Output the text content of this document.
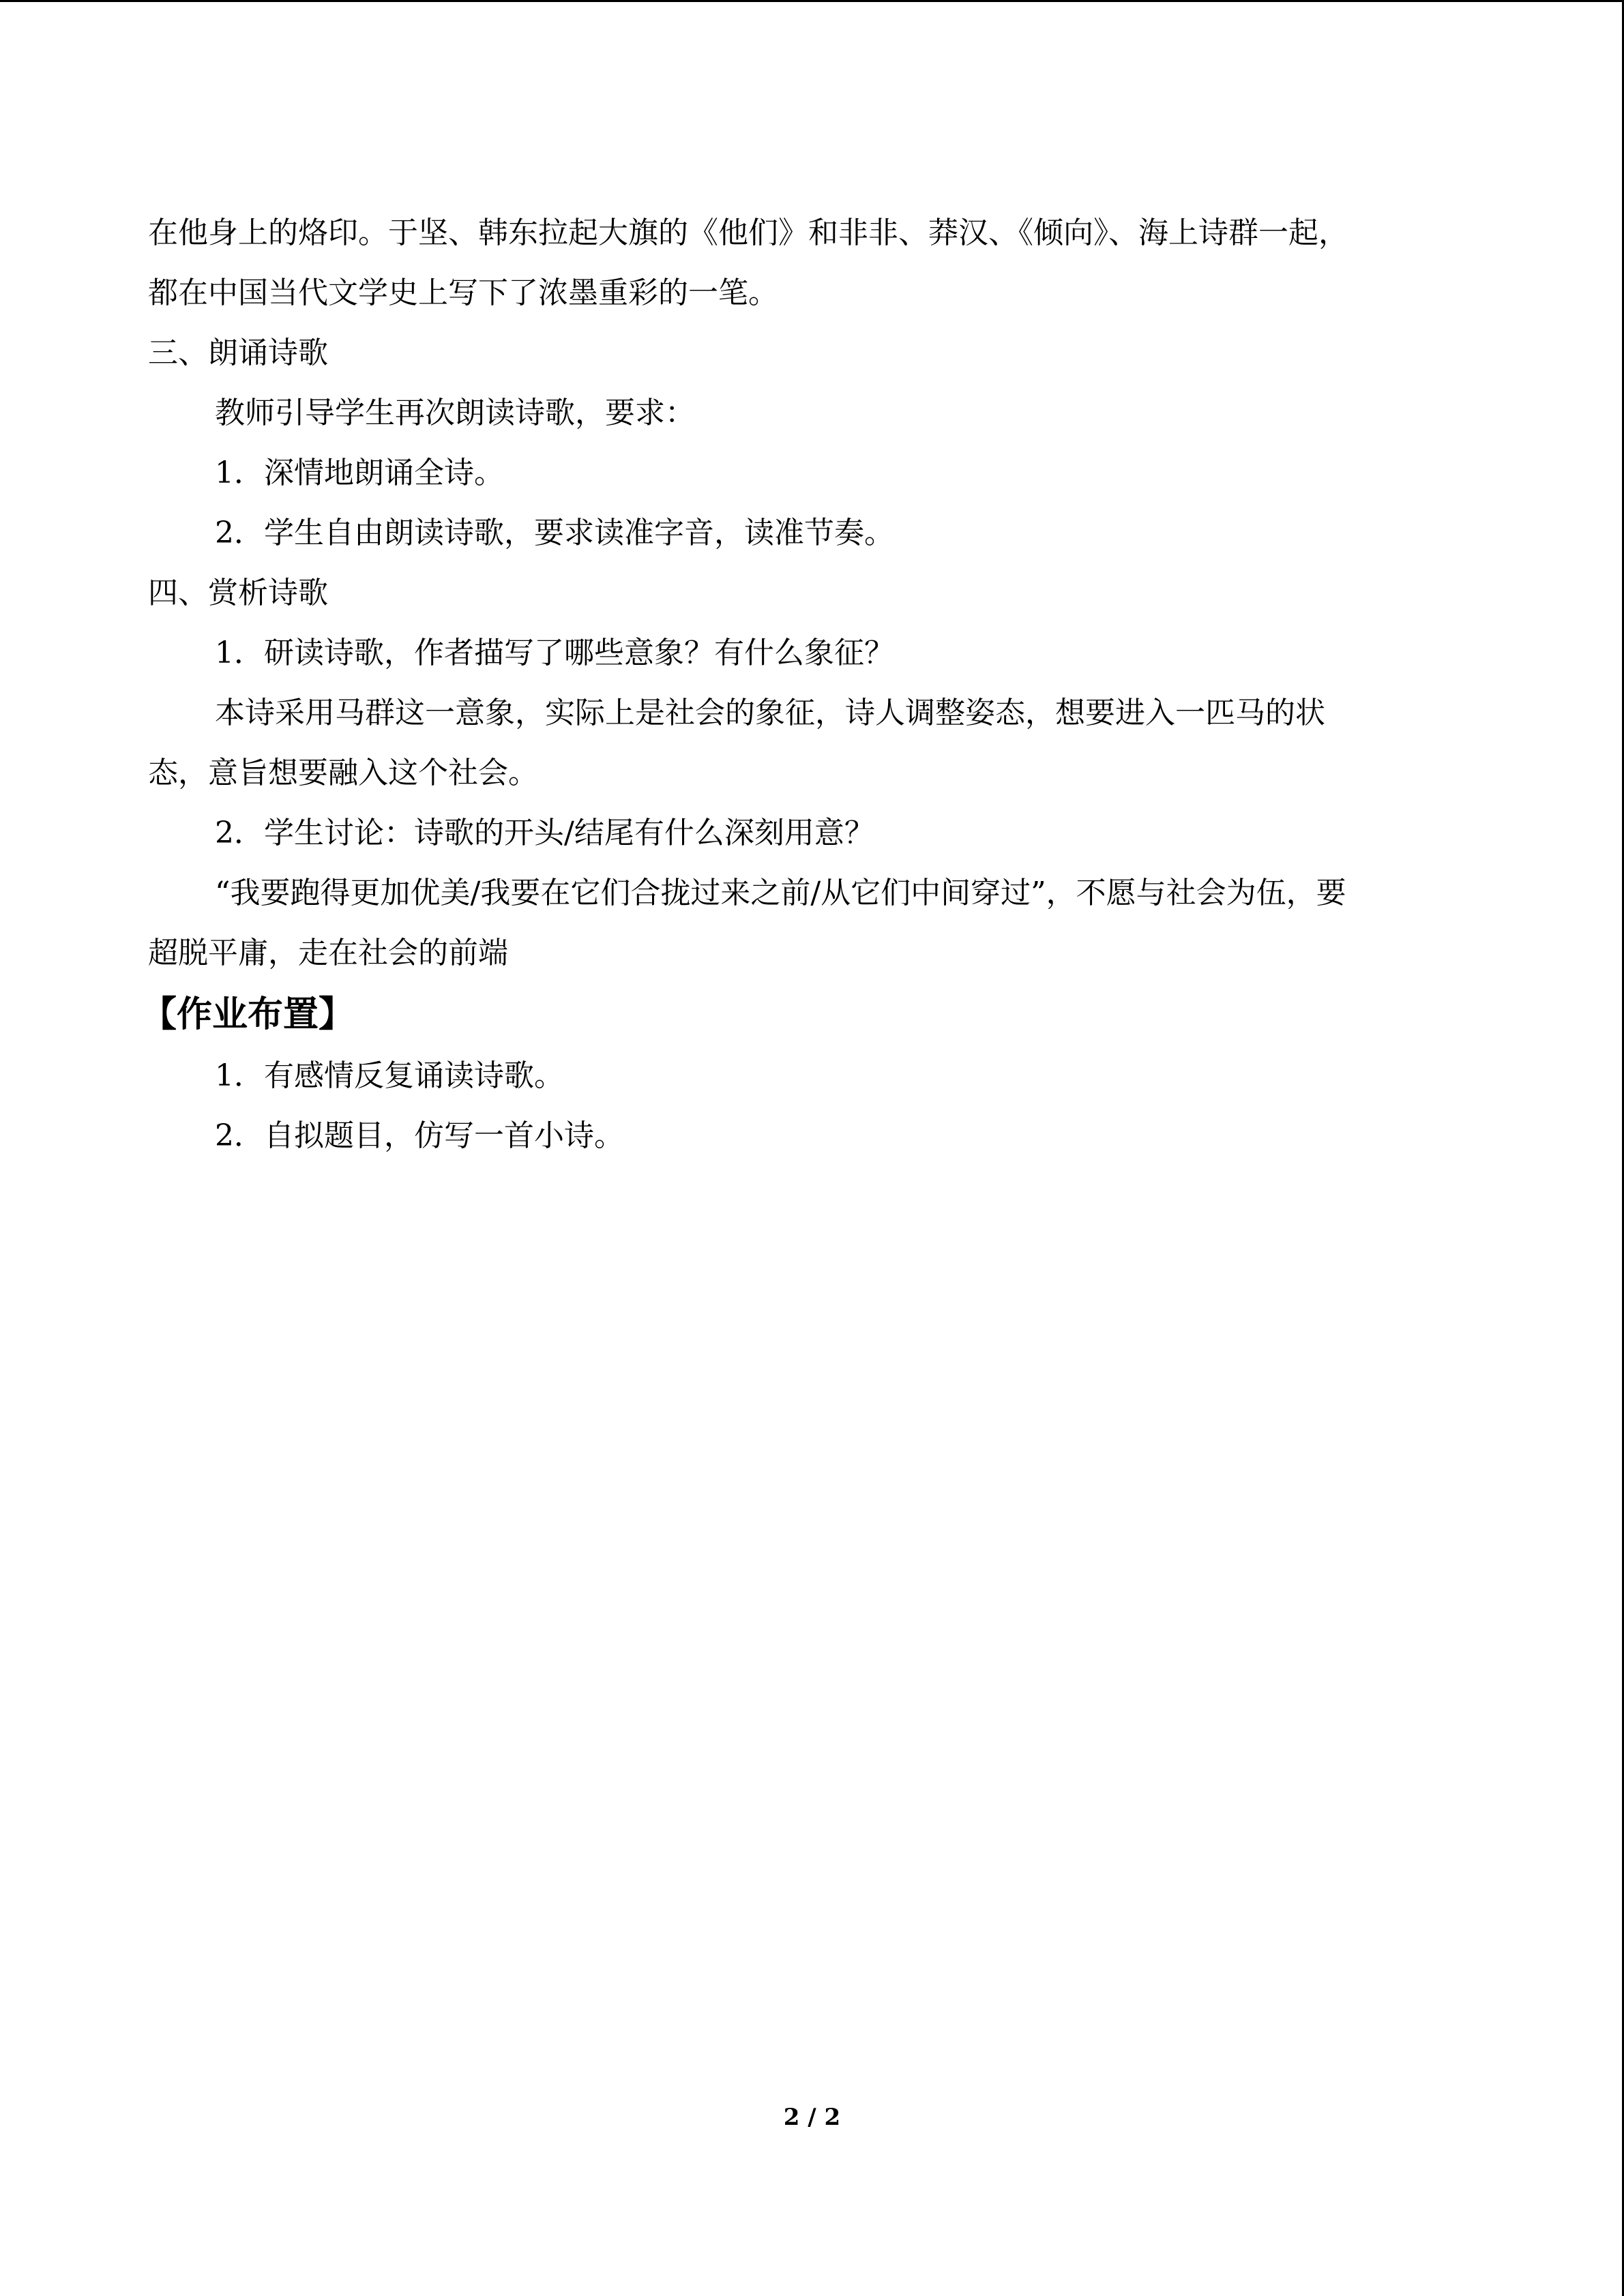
在他身上的烙印。于坚、韩东拉起大旗的《他们》和非非、莽汉、《倾向》、海上诗群一起，
都在中国当代文学史上写下了浓墨重彩的一笔。
三、朗诵诗歌
教师引导学生再次朗读诗歌，要求：
1．深情地朗诵全诗。
2．学生自由朗读诗歌，要求读准字音，读准节奏。
四、赏析诗歌
1．研读诗歌，作者描写了哪些意象？有什么象征？
本诗采用马群这一意象，实际上是社会的象征，诗人调整姿态，想要进入一匹马的状
态，意旨想要融入这个社会。
2．学生讨论：诗歌的开头/结尾有什么深刻用意？
“我要跑得更加优美/我要在它们合拢过来之前/从它们中间穿过”，不愿与社会为伍，要
超脱平庸，走在社会的前端
【作业布置】
1．有感情反复诵读诗歌。
2．自拟题目，仿写一首小诗。
2 / 2
